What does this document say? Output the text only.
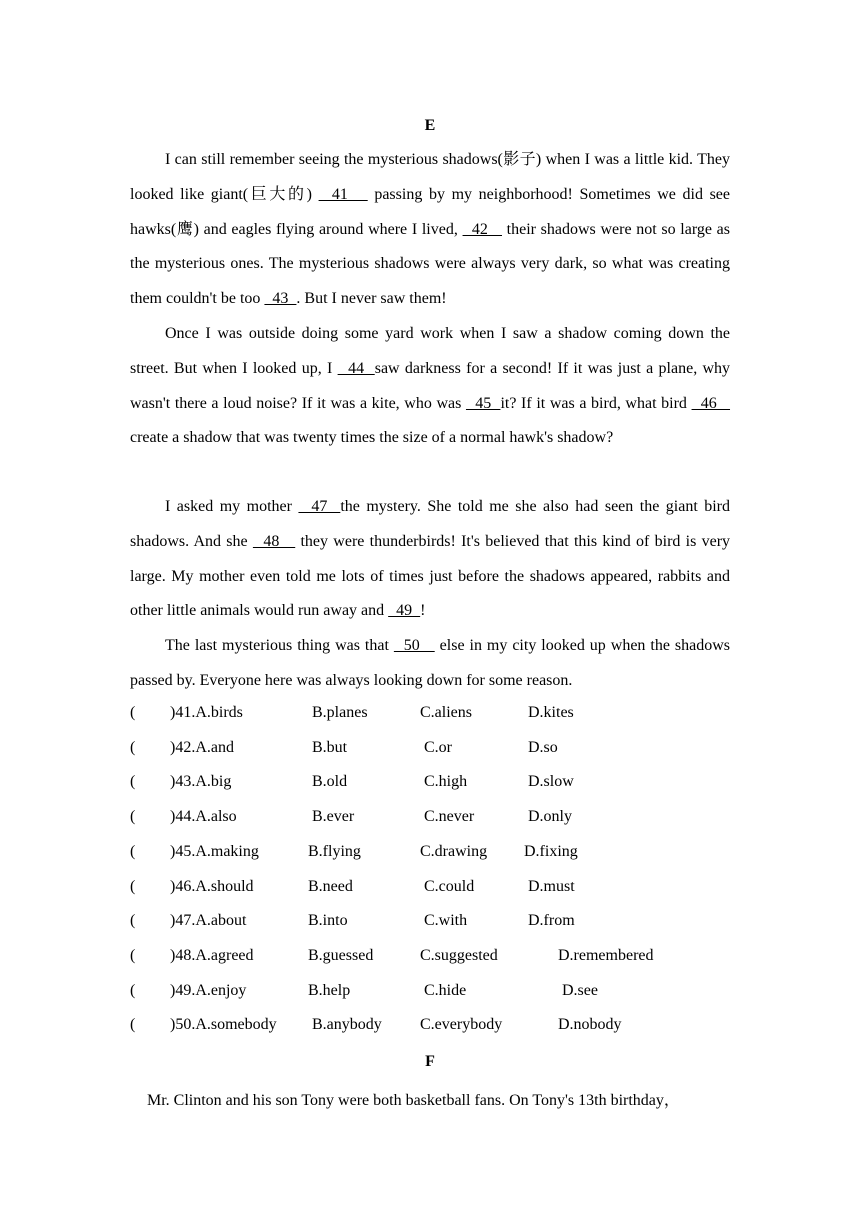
E

I can still remember seeing the mysterious shadows(影子) when I was a little kid. They looked like giant(巨大的)   41    passing by my neighborhood! Sometimes we did see hawks(鹰) and eagles flying around where I lived,   42    their shadows were not so large as the mysterious ones. The mysterious shadows were always very dark, so what was creating them couldn't be too   43  . But I never saw them!

Once I was outside doing some yard work when I saw a shadow coming down the street. But when I looked up, I   44  saw darkness for a second! If it was just a plane, why wasn't there a loud noise? If it was a kite, who was   45  it? If it was a bird, what bird   46    create a shadow that was twenty times the size of a normal hawk's shadow?

I asked my mother   47  the mystery. She told me she also had seen the giant bird shadows. And she   48    they were thunderbirds! It's believed that this kind of bird is very large. My mother even told me lots of times just before the shadows appeared, rabbits and other little animals would run away and   49  !

The last mysterious thing was that   50    else in my city looked up when the shadows passed by. Everyone here was always looking down for some reason.

( )41.A.birds	B.planes	C.aliens	D.kites
( )42.A.and	B.but	C.or	D.so
( )43.A.big	B.old	C.high	D.slow
( )44.A.also	B.ever	C.never	D.only
( )45.A.making	B.flying	C.drawing D.fixing
( )46.A.should	B.need	C.could	D.must
( )47.A.about	B.into	C.with	D.from
( )48.A.agreed	B.guessed	C.suggested	D.remembered
( )49.A.enjoy	B.help	C.hide	D.see
( )50.A.somebody B.anybody C.everybody	D.nobody
F
Mr. Clinton and his son Tony were both basketball fans. On Tony's 13th birthday，
